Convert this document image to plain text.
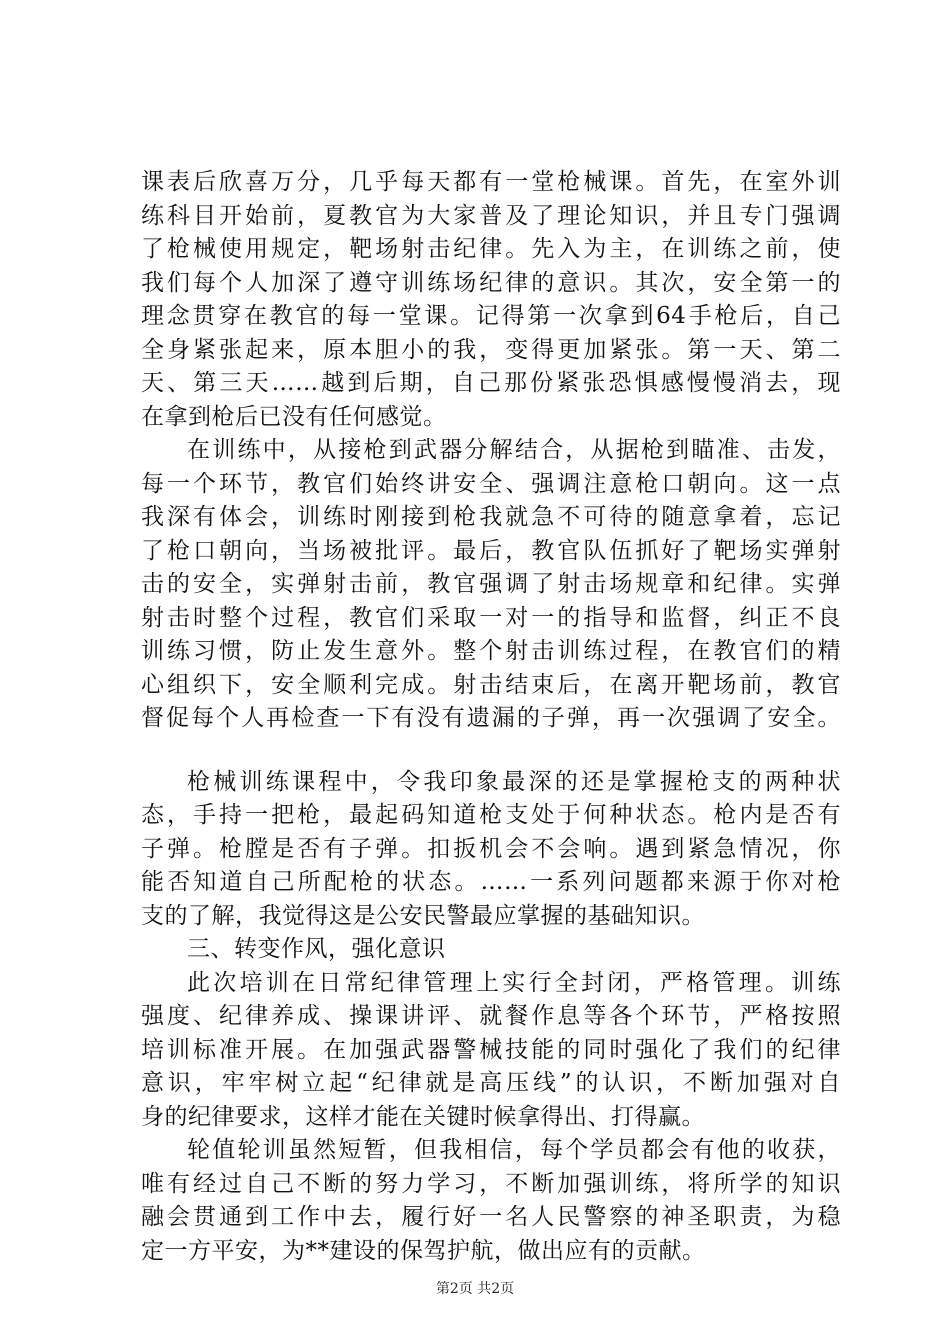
课表后欣喜万分，几乎每天都有一堂枪械课。首先，在室外训
练科目开始前，夏教官为大家普及了理论知识，并且专门强调
了枪械使用规定，靶场射击纪律。先入为主，在训练之前，使
我们每个人加深了遵守训练场纪律的意识。其次，安全第一的
理念贯穿在教官的每一堂课。记得第一次拿到64手枪后，自己
全身紧张起来，原本胆小的我，变得更加紧张。第一天、第二
天、第三天……越到后期，自己那份紧张恐惧感慢慢消去，现
在拿到枪后已没有任何感觉。
在训练中，从接枪到武器分解结合，从据枪到瞄准、击发，
每一个环节，教官们始终讲安全、强调注意枪口朝向。这一点
我深有体会，训练时刚接到枪我就急不可待的随意拿着，忘记
了枪口朝向，当场被批评。最后，教官队伍抓好了靶场实弹射
击的安全，实弹射击前，教官强调了射击场规章和纪律。实弹
射击时整个过程，教官们采取一对一的指导和监督，纠正不良
训练习惯，防止发生意外。整个射击训练过程，在教官们的精
心组织下，安全顺利完成。射击结束后，在离开靶场前，教官
督促每个人再检查一下有没有遗漏的子弹，再一次强调了安全。
枪械训练课程中，令我印象最深的还是掌握枪支的两种状
态，手持一把枪，最起码知道枪支处于何种状态。枪内是否有
子弹。枪膛是否有子弹。扣扳机会不会响。遇到紧急情况，你
能否知道自己所配枪的状态。……一系列问题都来源于你对枪
支的了解，我觉得这是公安民警最应掌握的基础知识。
三、转变作风，强化意识
此次培训在日常纪律管理上实行全封闭，严格管理。训练
强度、纪律养成、操课讲评、就餐作息等各个环节，严格按照
培训标准开展。在加强武器警械技能的同时强化了我们的纪律
意识，牢牢树立起“纪律就是高压线”的认识，不断加强对自
身的纪律要求，这样才能在关键时候拿得出、打得赢。
轮值轮训虽然短暂，但我相信，每个学员都会有他的收获，
唯有经过自己不断的努力学习，不断加强训练，将所学的知识
融会贯通到工作中去，履行好一名人民警察的神圣职责，为稳
定一方平安，为**建设的保驾护航，做出应有的贡献。
第2页 共2页
